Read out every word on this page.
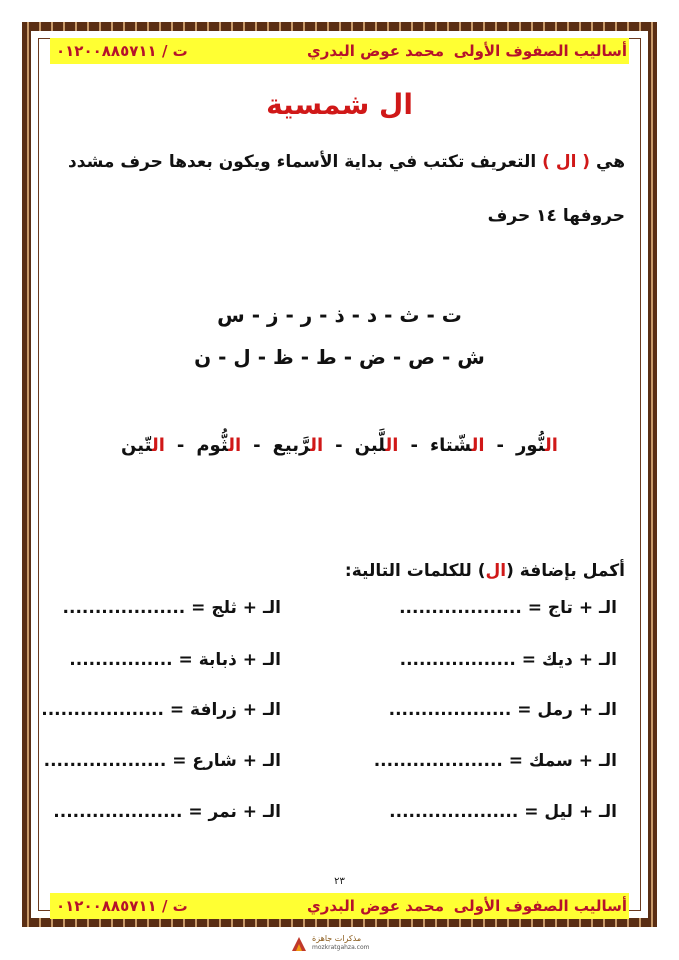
أساليب الصفوف الأولى
محمد عوض البدري
ت / ٠١٢٠٠٨٨٥٧١١
ال شمسية
هي ( ال ) التعريف تكتب في بداية الأسماء ويكون بعدها حرف مشدد
حروفها ١٤ حرف
ت - ث - د - ذ - ر - ز - س
ش - ص - ض - ط - ظ - ل - ن
النُّور-الشّتاء-اللَّبن-الرَّبيع-الثُّوم-التّين
أكمل بإضافة (ال) للكلمات التالية:
الـ + تاج = ...................
الـ + ديك = ..................
الـ + رمل = ...................
الـ + سمك = ....................
الـ + ليل = ....................
الـ + ثلج = ...................
الـ + ذبابة = ................
الـ + زرافة = ...................
الـ + شارع = ...................
الـ + نمر = ....................
٢٣
أساليب الصفوف الأولى
محمد عوض البدري
ت / ٠١٢٠٠٨٨٥٧١١
مذكرات جاهزة
mozkratgahza.com
